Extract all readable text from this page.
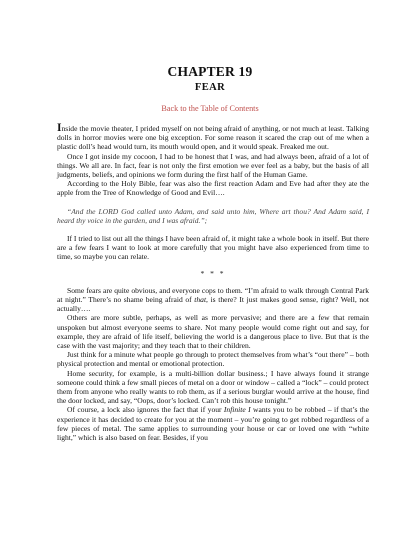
CHAPTER 19
FEAR
Back to the Table of Contents

Inside the movie theater, I prided myself on not being afraid of anything, or not much at least. Talking dolls in horror movies were one big exception. For some reason it scared the crap out of me when a plastic doll’s head would turn, its mouth would open, and it would speak. Freaked me out.

Once I got inside my cocoon, I had to be honest that I was, and had always been, afraid of a lot of things. We all are. In fact, fear is not only the first emotion we ever feel as a baby, but the basis of all judgments, beliefs, and opinions we form during the first half of the Human Game.

According to the Holy Bible, fear was also the first reaction Adam and Eve had after they ate the apple from the Tree of Knowledge of Good and Evil….

“And the LORD God called unto Adam, and said unto him, Where art thou? And Adam said, I heard thy voice in the garden, and I was afraid.”;

If I tried to list out all the things I have been afraid of, it might take a whole book in itself. But there are a few fears I want to look at more carefully that you might have also experienced from time to time, so maybe you can relate.

* * *

Some fears are quite obvious, and everyone cops to them. “I’m afraid to walk through Central Park at night.” There’s no shame being afraid of that, is there? It just makes good sense, right? Well, not actually….

Others are more subtle, perhaps, as well as more pervasive; and there are a few that remain unspoken but almost everyone seems to share. Not many people would come right out and say, for example, they are afraid of life itself, believing the world is a dangerous place to live. But that is the case with the vast majority; and they teach that to their children.

Just think for a minute what people go through to protect themselves from what’s “out there” – both physical protection and mental or emotional protection.

Home security, for example, is a multi-billion dollar business.; I have always found it strange someone could think a few small pieces of metal on a door or window – called a “lock” – could protect them from anyone who really wants to rob them, as if a serious burglar would arrive at the house, find the door locked, and say, “Oops, door’s locked. Can’t rob this house tonight.”

Of course, a lock also ignores the fact that if your Infinite I wants you to be robbed – if that’s the experience it has decided to create for you at the moment – you’re going to get robbed regardless of a few pieces of metal. The same applies to surrounding your house or car or loved one with “white light,” which is also based on fear. Besides, if you
